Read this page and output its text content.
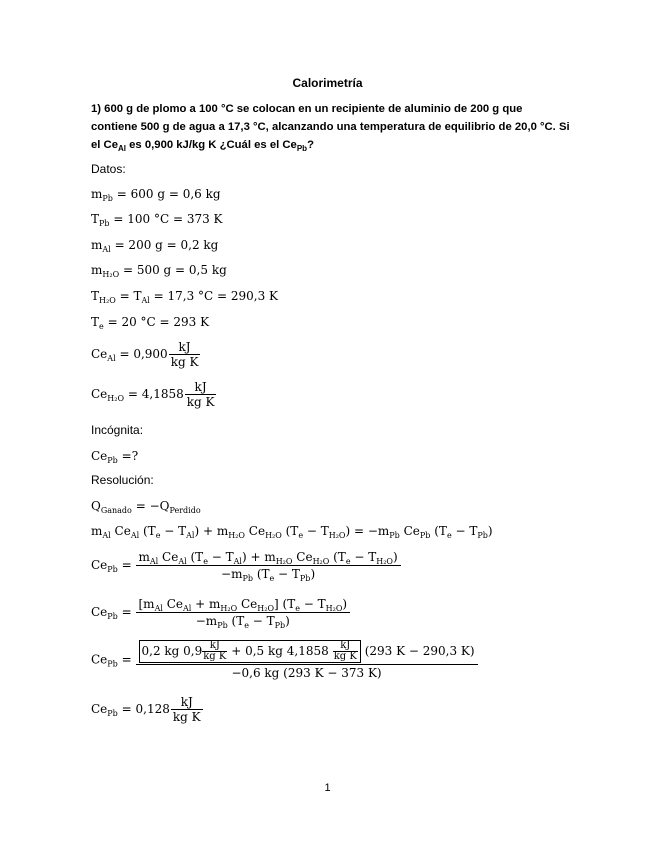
Calorimetría
1) 600 g de plomo a 100 °C se colocan en un recipiente de aluminio de 200 g que contiene 500 g de agua a 17,3 °C, alcanzando una temperatura de equilibrio de 20,0 °C. Si el $Ce_{Al}$ es 0,900 kJ/kg K ¿Cuál es el $Ce_{Pb}$?
Datos:
$m_{Pb} = 600$ g = 0,6 kg
$T_{Pb} = 100$ °C = 373 K
$m_{Al} = 200$ g = 0,2 kg
$m_{H_2O} = 500$ g = 0,5 kg
$T_{H_2O} = T_{Al} = 17,3$ °C = 290,3 K
$T_e = 20$ °C = 293 K
$Ce_{Al} = 0,900 \frac{kJ}{\text{kg K}}$
$Ce_{H_2O} = 4,1858 \frac{kJ}{\text{kg K}}$
Incógnita:
$Ce_{Pb}$ =?
Resolución:
$Q_{Ganado} = -Q_{Perdido}$
$m_{Al}$ $Ce_{Al}$ $(T_e - T_{Al}) + m_{H_2O}$ $Ce_{H_2O}$ $(T_e - T_{H_2O}) = -m_{Pb}$ $Ce_{Pb}$ $(T_e - T_{Pb})$
$Ce_{Pb} = \frac{m_{Al} Ce_{Al} (T_e - T_{Al}) + m_{H_2O} Ce_{H_2O} (T_e - T_{H_2O})}{-m_{Pb} (T_e - T_{Pb})}$
$Ce_{Pb} = \frac{[m_{Al} Ce_{Al} + m_{H_2O} Ce_{H_2O}] (T_e - T_{H_2O})}{-m_{Pb} (T_e - T_{Pb})}$
$Ce_{Pb} = \frac{0,2 kg 0,9 \frac{kJ}{\text{kg K}} + 0,5 kg 4,1858 \frac{kJ}{\text{kg K}} (293 K - 290,3 K)}{-0,6 kg (293 K - 373 K)}$
$Ce_{Pb} = 0,128 \frac{kJ}{\text{kg K}}$
1
